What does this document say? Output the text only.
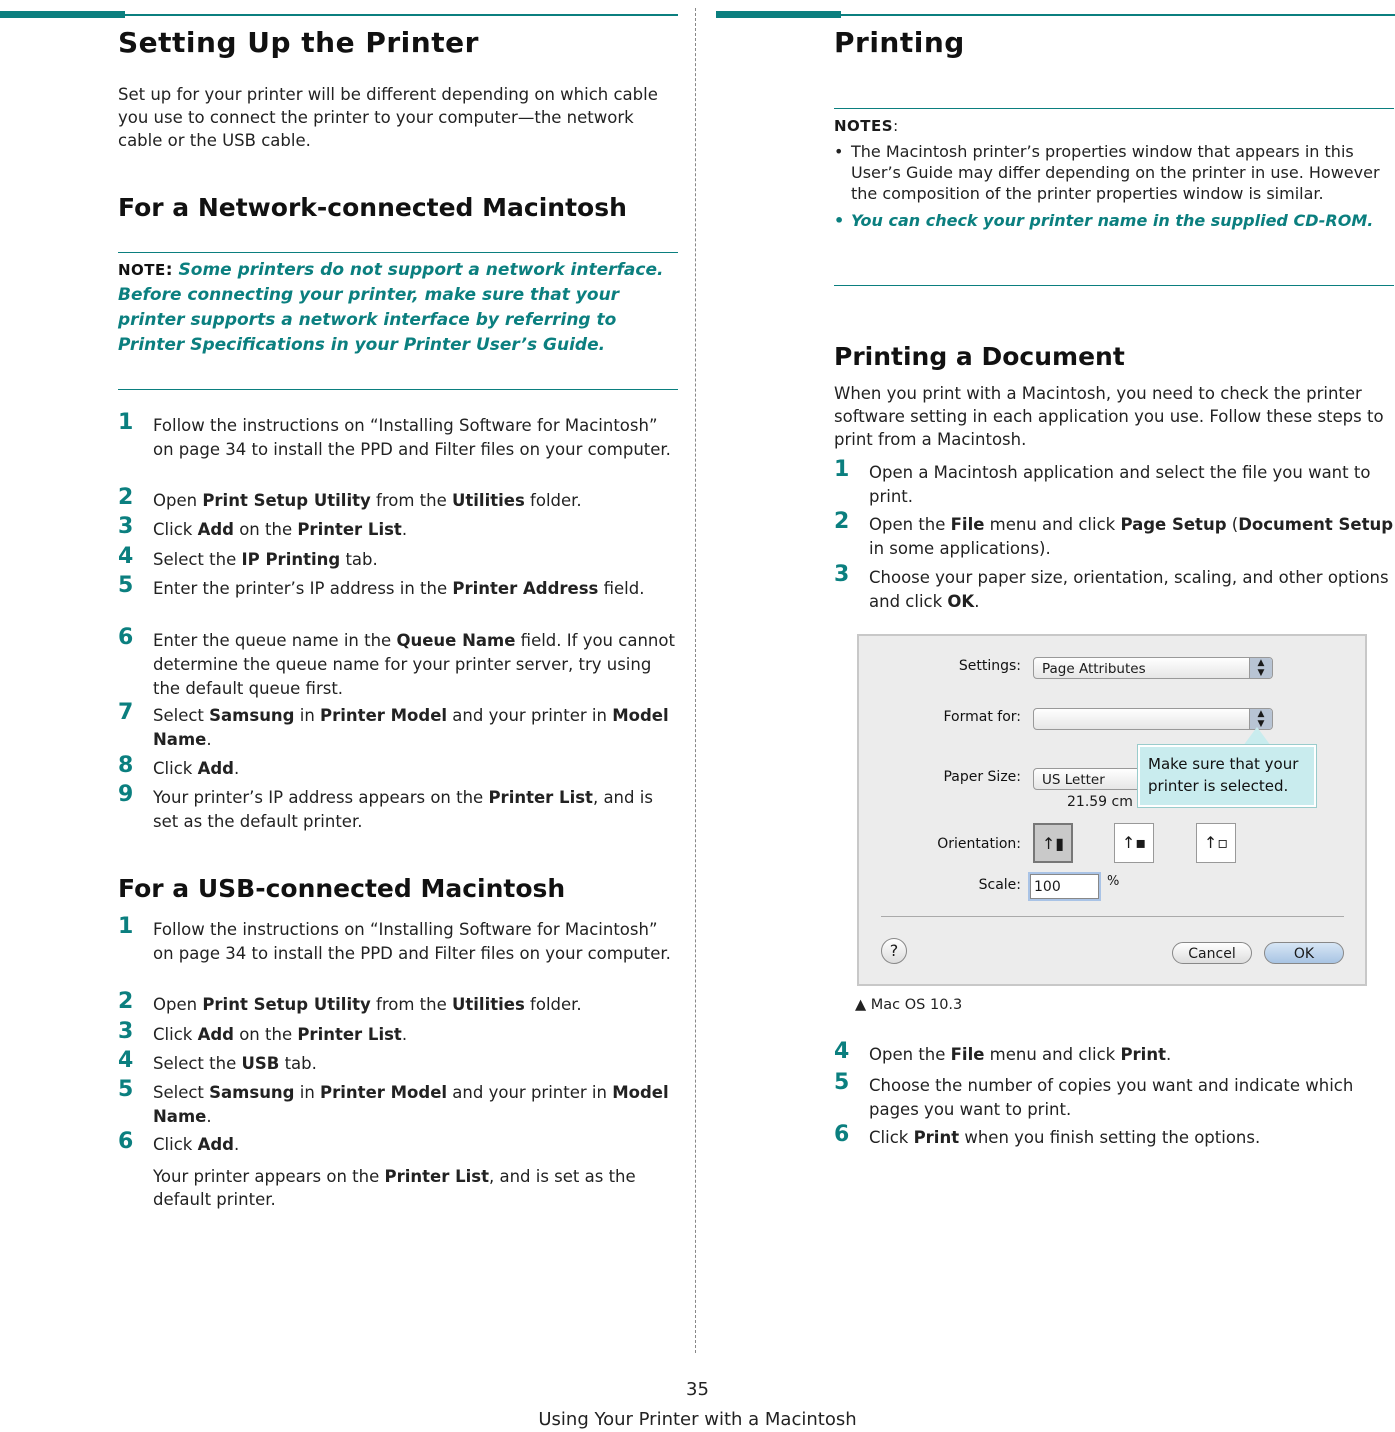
Setting Up the Printer
Set up for your printer will be different depending on which cable you use to connect the printer to your computer—the network cable or the USB cable.
For a Network-connected Macintosh
NOTE: Some printers do not support a network interface. Before connecting your printer, make sure that your printer supports a network interface by referring to Printer Specifications in your Printer User’s Guide.
1 Follow the instructions on “Installing Software for Macintosh” on page 34 to install the PPD and Filter files on your computer.
2 Open Print Setup Utility from the Utilities folder.
3 Click Add on the Printer List.
4 Select the IP Printing tab.
5 Enter the printer’s IP address in the Printer Address field.
6 Enter the queue name in the Queue Name field. If you cannot determine the queue name for your printer server, try using the default queue first.
7 Select Samsung in Printer Model and your printer in Model Name.
8 Click Add.
9 Your printer’s IP address appears on the Printer List, and is set as the default printer.
For a USB-connected Macintosh
1 Follow the instructions on “Installing Software for Macintosh” on page 34 to install the PPD and Filter files on your computer.
2 Open Print Setup Utility from the Utilities folder.
3 Click Add on the Printer List.
4 Select the USB tab.
5 Select Samsung in Printer Model and your printer in Model Name.
6 Click Add.
Your printer appears on the Printer List, and is set as the default printer.
Printing
NOTES:
• The Macintosh printer’s properties window that appears in this User’s Guide may differ depending on the printer in use. However the composition of the printer properties window is similar.
• You can check your printer name in the supplied CD-ROM.
Printing a Document
When you print with a Macintosh, you need to check the printer software setting in each application you use. Follow these steps to print from a Macintosh.
1 Open a Macintosh application and select the file you want to print.
2 Open the File menu and click Page Setup (Document Setup in some applications).
3 Choose your paper size, orientation, scaling, and other options and click OK.
▲ Mac OS 10.3
4 Open the File menu and click Print.
5 Choose the number of copies you want and indicate which pages you want to print.
6 Click Print when you finish setting the options.
Settings:	Page Attributes	▲
▼
Format for:	▲
▼
Paper Size:	US Letter
21.59 cm
Orientation:	↑▮	↑▪	↑▫
Scale: 100	%
?	Cancel	OK
Make sure that your printer is selected.
35
Using Your Printer with a Macintosh
